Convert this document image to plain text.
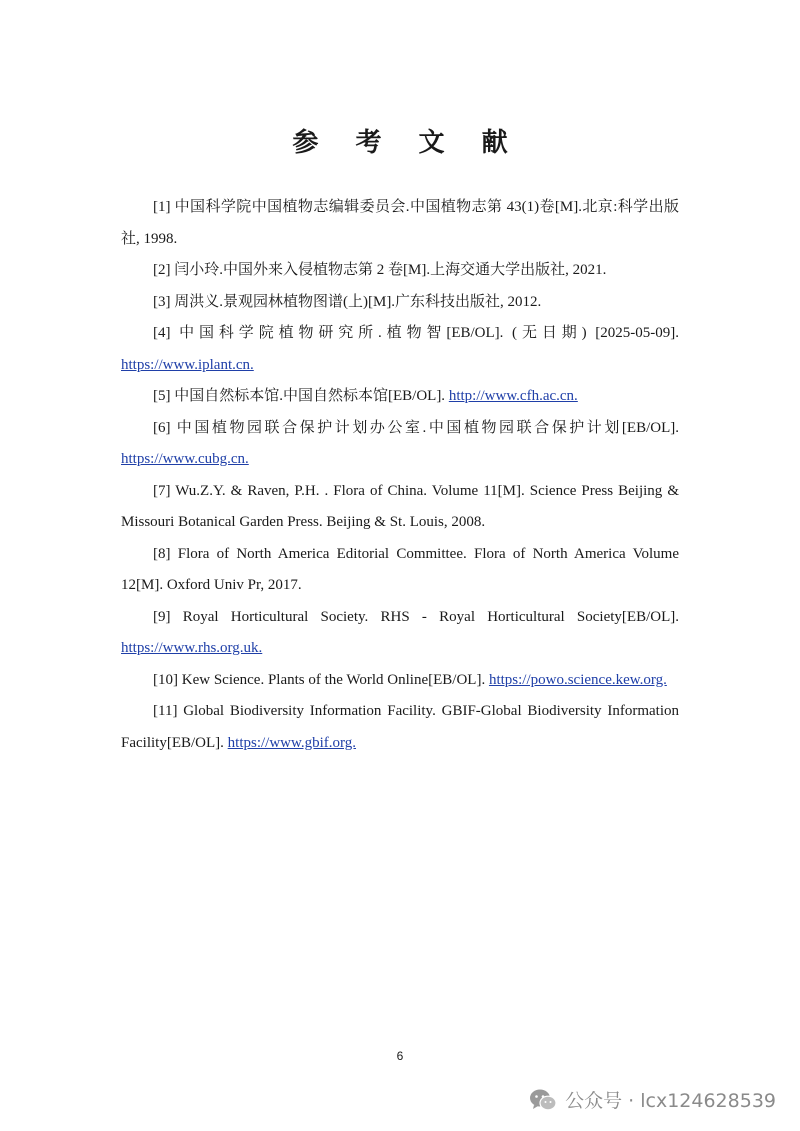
参 考 文 献

[1] 中国科学院中国植物志编辑委员会.中国植物志第 43(1)卷[M].北京:科学出版社, 1998.

[2] 闫小玲.中国外来入侵植物志第 2 卷[M].上海交通大学出版社, 2021.

[3] 周洪义.景观园林植物图谱(上)[M].广东科技出版社, 2012.

[4] 中国科学院植物研究所.植物智[EB/OL]. (无日期) [2025-05-09]. https://www.iplant.cn.

[5] 中国自然标本馆.中国自然标本馆[EB/OL]. http://www.cfh.ac.cn.

[6] 中国植物园联合保护计划办公室.中国植物园联合保护计划[EB/OL]. https://www.cubg.cn.

[7] Wu.Z.Y. & Raven, P.H. . Flora of China. Volume 11[M]. Science Press Beijing & Missouri Botanical Garden Press. Beijing & St. Louis, 2008.

[8] Flora of North America Editorial Committee. Flora of North America Volume 12[M]. Oxford Univ Pr, 2017.

[9] Royal Horticultural Society. RHS - Royal Horticultural Society[EB/OL]. https://www.rhs.org.uk.

[10] Kew Science. Plants of the World Online[EB/OL]. https://powo.science.kew.org.

[11] Global Biodiversity Information Facility. GBIF-Global Biodiversity Information Facility[EB/OL]. https://www.gbif.org.

6
公众号 · lcx124628539
